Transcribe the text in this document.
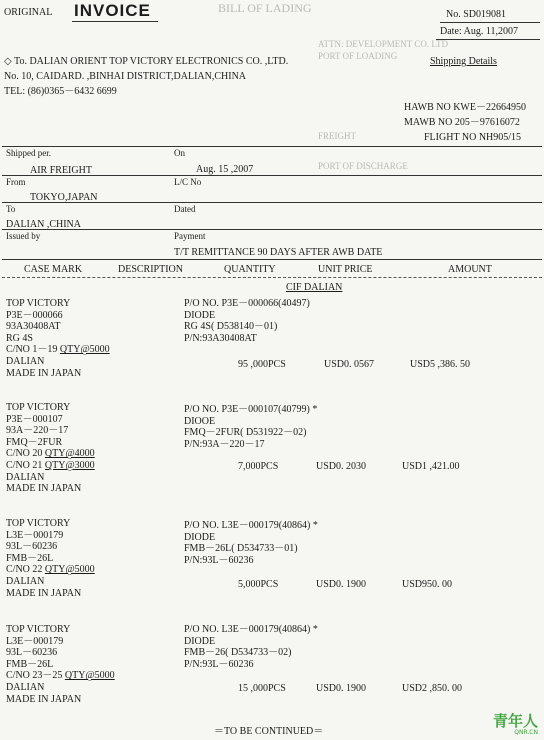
BILL OF LADING
ATTN: DEVELOPMENT CO. LTD
PORT OF LOADING
FREIGHT
PORT OF DISCHARGE
ORIGINAL INVOICE	No. SD019081
Date: Aug. 11,2007
◇ To. DALIAN ORIENT TOP VICTORY ELECTRONICS CO. ,LTD.	Shipping Details
No. 10, CAIDARD. ,BINHAI DISTRICT,DALIAN,CHINA
TEL: (86)0365－6432 6699
HAWB NO KWE－22664950
MAWB NO 205－97616072
FLIGHT NO NH905/15
Shipped per.	On
AIR FREIGHT	Aug. 15 ,2007
From	L/C No
TOKYO,JAPAN
To	Dated
DALIAN ,CHINA
Issued by	Payment
T/T REMITTANCE 90 DAYS AFTER AWB DATE
CASE MARK	DESCRIPTION	QUANTITY	UNIT PRICE	AMOUNT
CIF DALIAN
TOP VICTORY
P3E－000066
93A30408AT
RG 4S
C/NO 1－19 QTY@5000
DALIAN
MADE IN JAPAN
P/O NO. P3E－000066(40497)
DIODE
RG 4S( D538140－01)
P/N:93A30408AT
95 ,000PCS	USD0. 0567	USD5 ,386. 50
TOP VICTORY
P3E－000107
93A－220－17
FMQ－2FUR
C/NO 20 QTY@4000
C/NO 21 QTY@3000
DALIAN
MADE IN JAPAN
P/O NO. P3E－000107(40799) *
DIOOE
FMQ－2FUR( D531922－02)
P/N:93A－220－17
7,000PCS	USD0. 2030	USD1 ,421.00
TOP VICTORY
L3E－000179
93L－60236
FMB－26L
C/NO 22 QTY@5000
DALIAN
MADE IN JAPAN
P/O NO. L3E－000179(40864) *
DIODE
FMB－26L( D534733－01)
P/N:93L－60236
5,000PCS	USD0. 1900	USD950. 00
TOP VICTORY
L3E－000179
93L－60236
FMB－26L
C/NO 23－25 QTY@5000
DALIAN
MADE IN JAPAN
P/O NO. L3E－000179(40864) *
DIODE
FMB－26( D534733－02)
P/N:93L－60236
15 ,000PCS	USD0. 1900	USD2 ,850. 00
＝TO BE CONTINUED＝
青年人
QNR.CN
